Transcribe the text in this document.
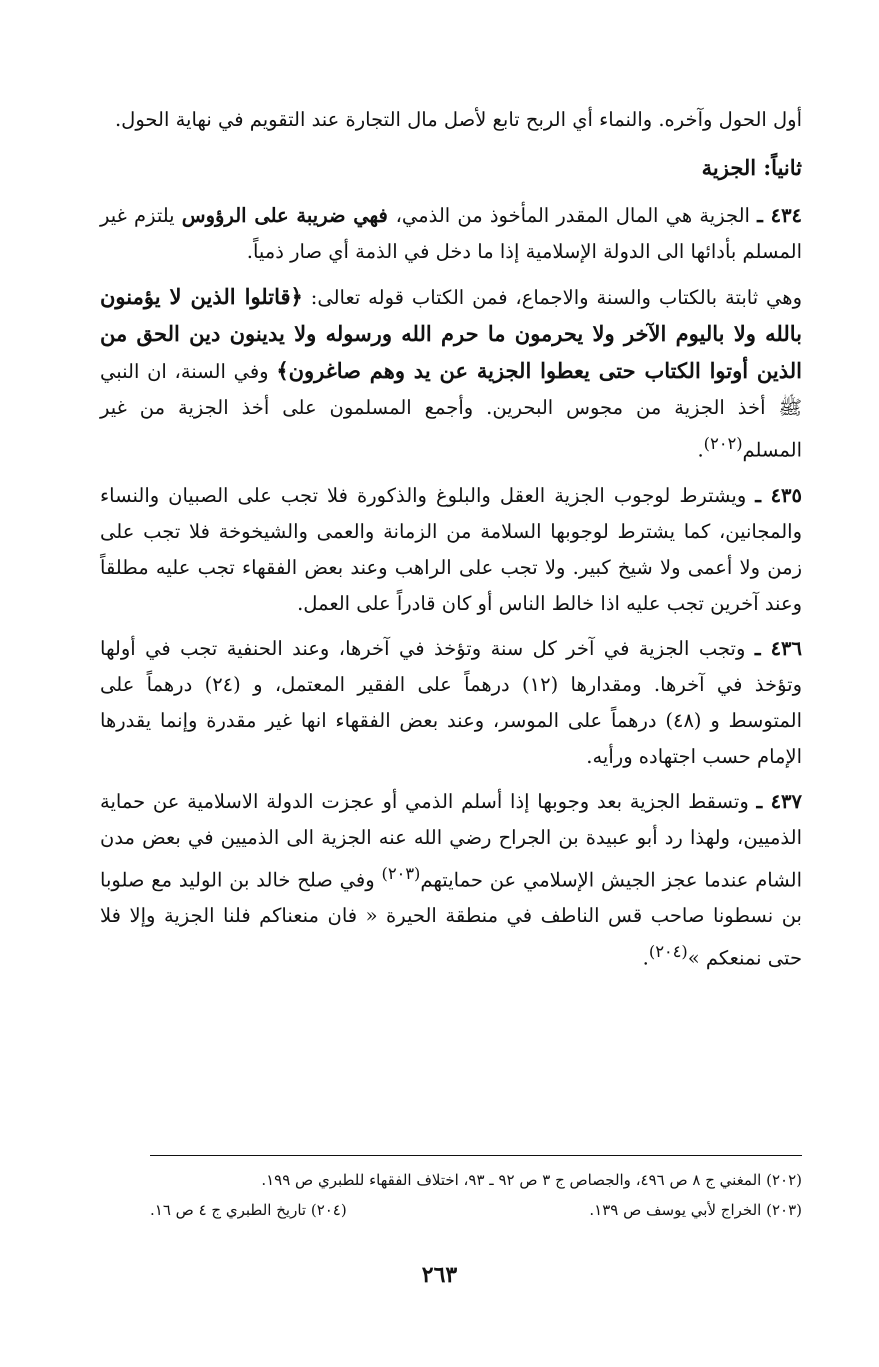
أول الحول وآخره. والنماء أي الربح تابع لأصل مال التجارة عند التقويم في نهاية الحول.

ثانياً: الجزية

٤٣٤ ـ الجزية هي المال المقدر المأخوذ من الذمي، فهي ضريبة على الرؤوس يلتزم غير المسلم بأدائها الى الدولة الإسلامية إذا ما دخل في الذمة أي صار ذمياً.

وهي ثابتة بالكتاب والسنة والاجماع، فمن الكتاب قوله تعالى: ﴿قاتلوا الذين لا يؤمنون بالله ولا باليوم الآخر ولا يحرمون ما حرم الله ورسوله ولا يدينون دين الحق من الذين أوتوا الكتاب حتى يعطوا الجزية عن يد وهم صاغرون﴾ وفي السنة، ان النبي ﷺ أخذ الجزية من مجوس البحرين. وأجمع المسلمون على أخذ الجزية من غير المسلم$^{(٢٠٢)}$.

٤٣٥ ـ ويشترط لوجوب الجزية العقل والبلوغ والذكورة فلا تجب على الصبيان والنساء والمجانين، كما يشترط لوجوبها السلامة من الزمانة والعمى والشيخوخة فلا تجب على زمن ولا أعمى ولا شيخ كبير. ولا تجب على الراهب وعند بعض الفقهاء تجب عليه مطلقاً وعند آخرين تجب عليه اذا خالط الناس أو كان قادراً على العمل.

٤٣٦ ـ وتجب الجزية في آخر كل سنة وتؤخذ في آخرها، وعند الحنفية تجب في أولها وتؤخذ في آخرها. ومقدارها (١٢) درهماً على الفقير المعتمل، و (٢٤) درهماً على المتوسط و (٤٨) درهماً على الموسر، وعند بعض الفقهاء انها غير مقدرة وإنما يقدرها الإمام حسب اجتهاده ورأيه.

٤٣٧ ـ وتسقط الجزية بعد وجوبها إذا أسلم الذمي أو عجزت الدولة الاسلامية عن حماية الذميين، ولهذا رد أبو عبيدة بن الجراح رضي الله عنه الجزية الى الذميين في بعض مدن الشام عندما عجز الجيش الإسلامي عن حمايتهم$^{(٢٠٣)}$ وفي صلح خالد بن الوليد مع صلوبا بن نسطونا صاحب قس الناطف في منطقة الحيرة « فان منعناكم فلنا الجزية وإلا فلا حتى نمنعكم »$^{(٢٠٤)}$.

(٢٠٢) المغني ج ٨ ص ٤٩٦، والجصاص ج ٣ ص ٩٢ ـ ٩٣، اختلاف الفقهاء للطبري ص ١٩٩.
(٢٠٣) الخراج لأبي يوسف ص ١٣٩.
(٢٠٤) تاريخ الطبري ج ٤ ص ١٦.
٢٦٣
